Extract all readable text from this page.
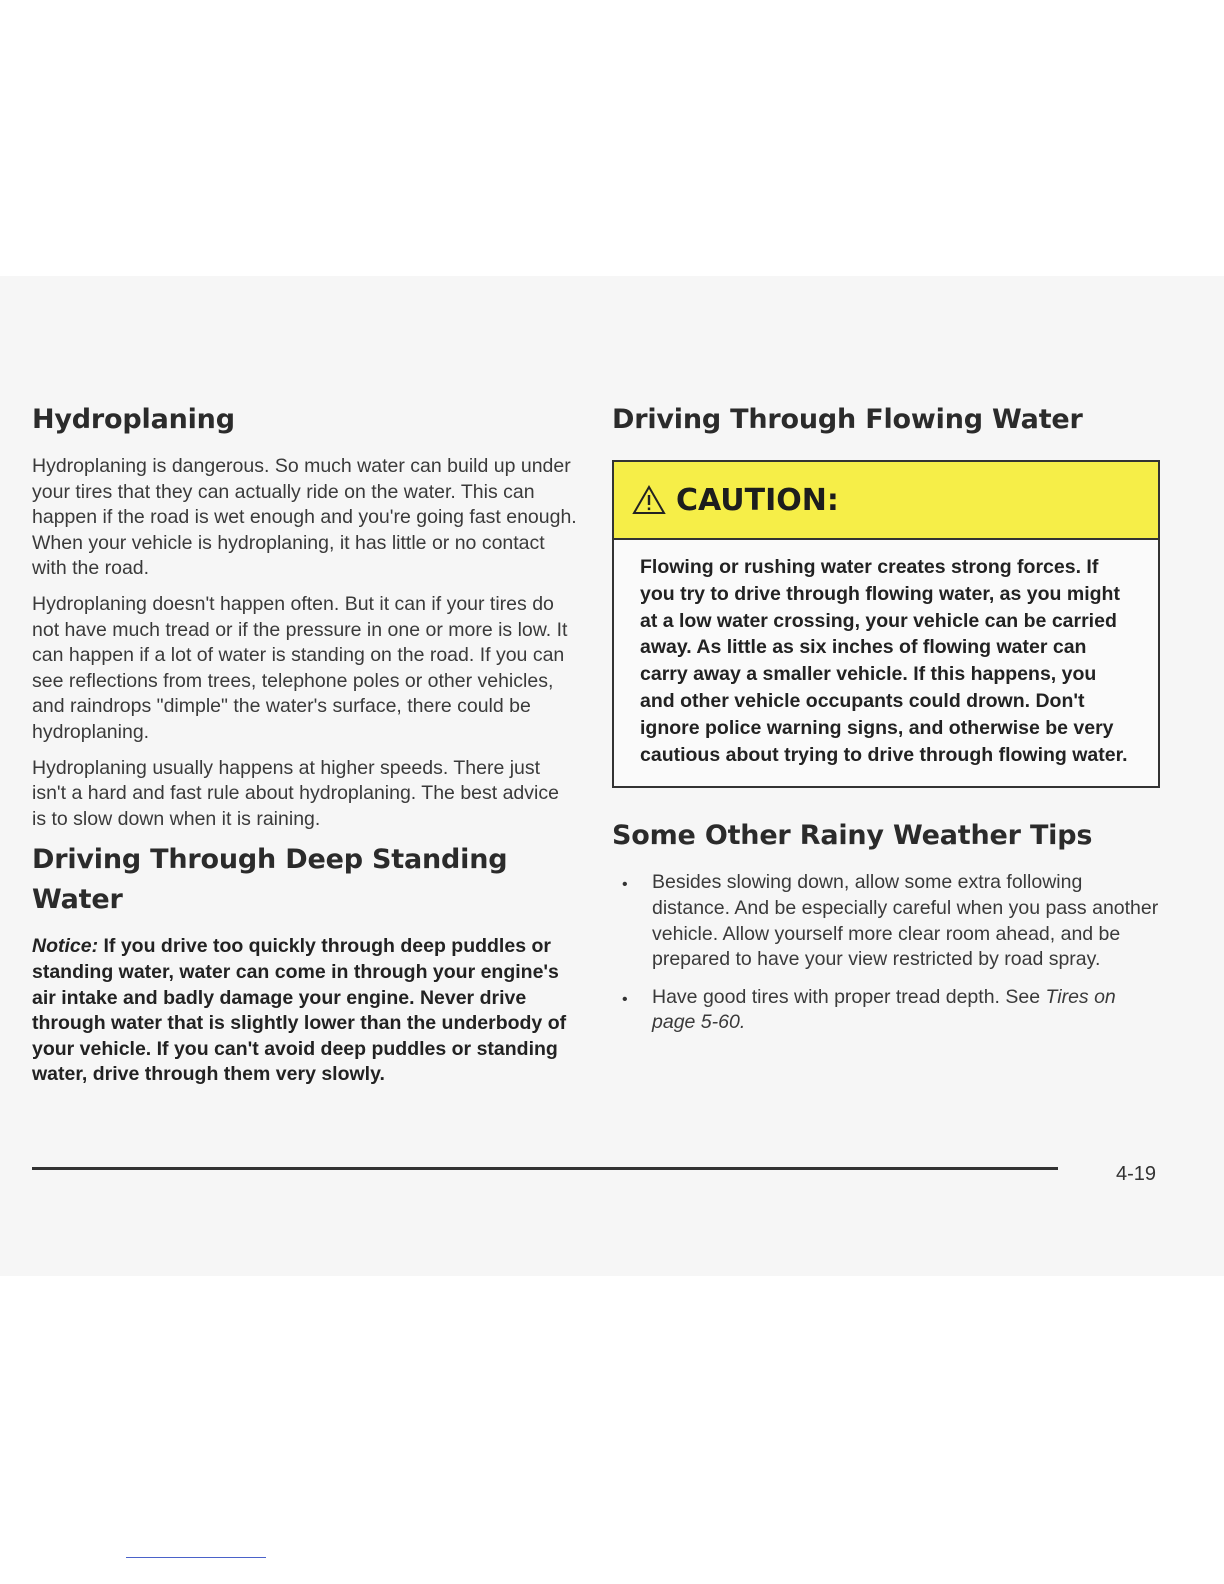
Hydroplaning

Hydroplaning is dangerous. So much water can build up under your tires that they can actually ride on the water. This can happen if the road is wet enough and you're going fast enough. When your vehicle is hydroplaning, it has little or no contact with the road.

Hydroplaning doesn't happen often. But it can if your tires do not have much tread or if the pressure in one or more is low. It can happen if a lot of water is standing on the road. If you can see reflections from trees, telephone poles or other vehicles, and raindrops "dimple" the water's surface, there could be hydroplaning.

Hydroplaning usually happens at higher speeds. There just isn't a hard and fast rule about hydroplaning. The best advice is to slow down when it is raining.

Driving Through Deep Standing Water

Notice: If you drive too quickly through deep puddles or standing water, water can come in through your engine's air intake and badly damage your engine. Never drive through water that is slightly lower than the underbody of your vehicle. If you can't avoid deep puddles or standing water, drive through them very slowly.

Driving Through Flowing Water
CAUTION:
Flowing or rushing water creates strong forces. If you try to drive through flowing water, as you might at a low water crossing, your vehicle can be carried away. As little as six inches of flowing water can carry away a smaller vehicle. If this happens, you and other vehicle occupants could drown. Don't ignore police warning signs, and otherwise be very cautious about trying to drive through flowing water.
Some Other Rainy Weather Tips
• Besides slowing down, allow some extra following distance. And be especially careful when you pass another vehicle. Allow yourself more clear room ahead, and be prepared to have your view restricted by road spray.
• Have good tires with proper tread depth. See Tires on page 5-60.
4-19
